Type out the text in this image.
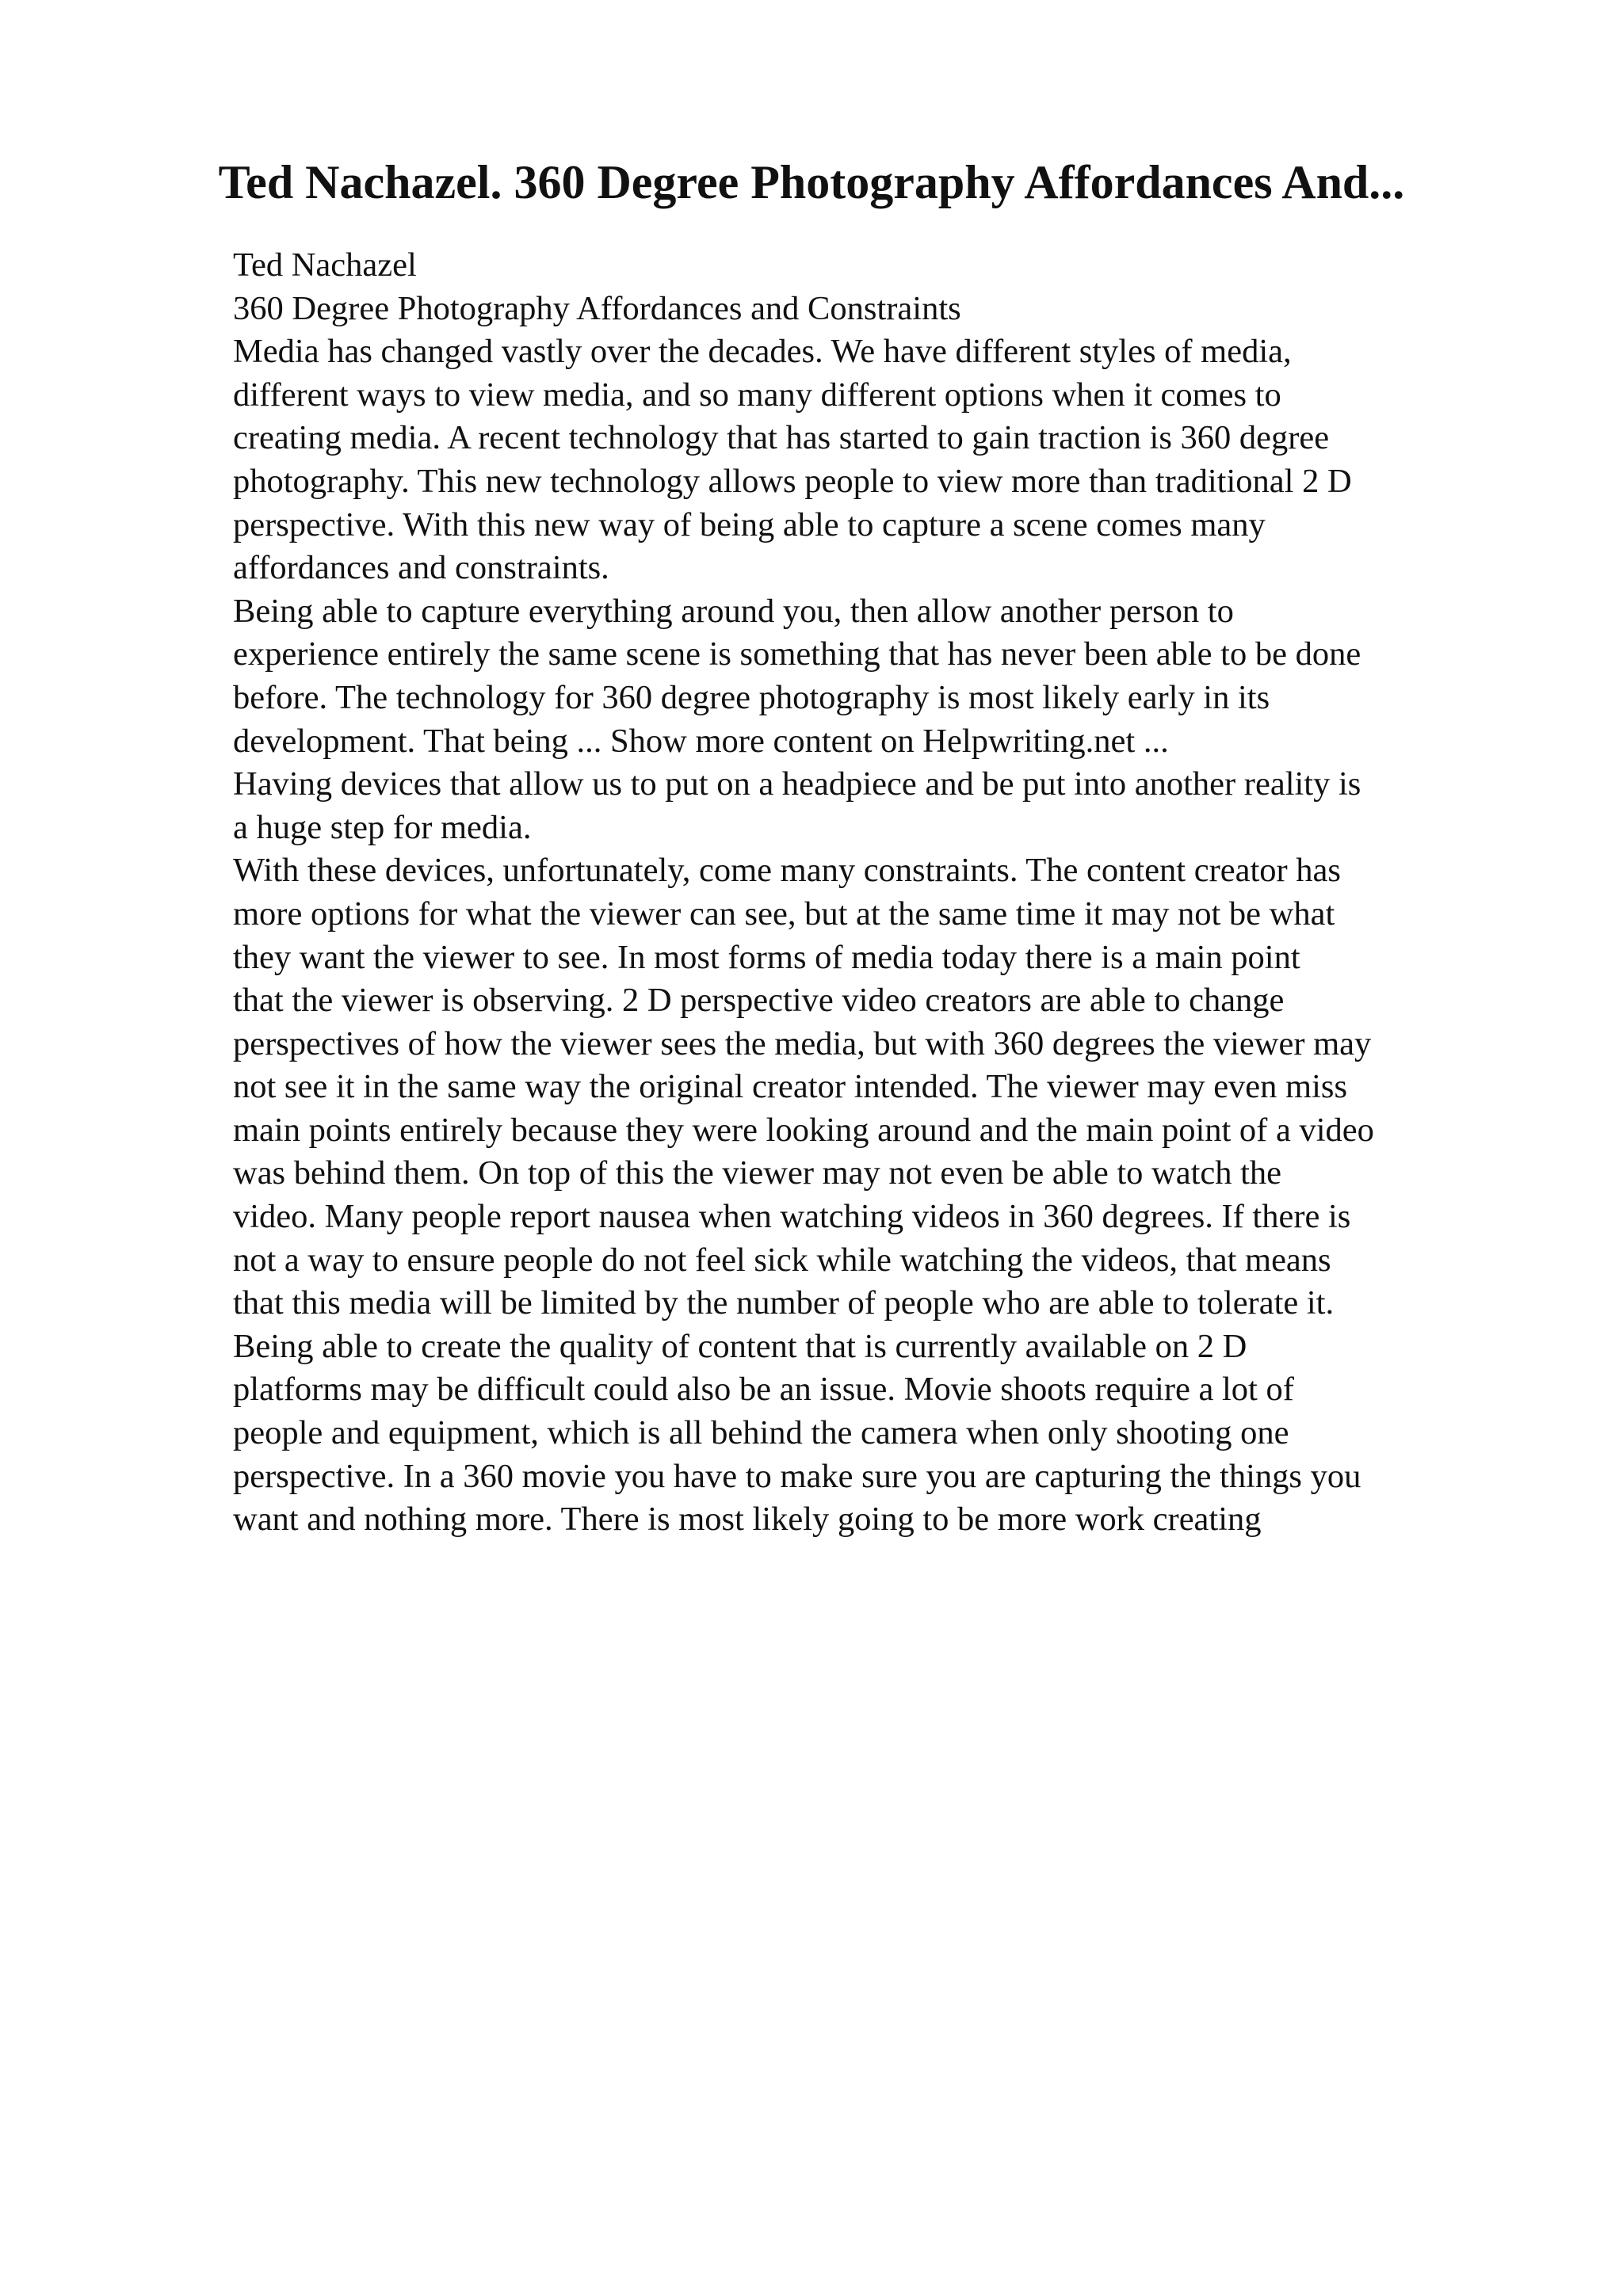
Ted Nachazel. 360 Degree Photography Affordances And...
Ted Nachazel
360 Degree Photography Affordances and Constraints
Media has changed vastly over the decades. We have different styles of media,
different ways to view media, and so many different options when it comes to
creating media. A recent technology that has started to gain traction is 360 degree
photography. This new technology allows people to view more than traditional 2 D
perspective. With this new way of being able to capture a scene comes many
affordances and constraints.
Being able to capture everything around you, then allow another person to
experience entirely the same scene is something that has never been able to be done
before. The technology for 360 degree photography is most likely early in its
development. That being ... Show more content on Helpwriting.net ...
Having devices that allow us to put on a headpiece and be put into another reality is
a huge step for media.
With these devices, unfortunately, come many constraints. The content creator has
more options for what the viewer can see, but at the same time it may not be what
they want the viewer to see. In most forms of media today there is a main point
that the viewer is observing. 2 D perspective video creators are able to change
perspectives of how the viewer sees the media, but with 360 degrees the viewer may
not see it in the same way the original creator intended. The viewer may even miss
main points entirely because they were looking around and the main point of a video
was behind them. On top of this the viewer may not even be able to watch the
video. Many people report nausea when watching videos in 360 degrees. If there is
not a way to ensure people do not feel sick while watching the videos, that means
that this media will be limited by the number of people who are able to tolerate it.
Being able to create the quality of content that is currently available on 2 D
platforms may be difficult could also be an issue. Movie shoots require a lot of
people and equipment, which is all behind the camera when only shooting one
perspective. In a 360 movie you have to make sure you are capturing the things you
want and nothing more. There is most likely going to be more work creating
